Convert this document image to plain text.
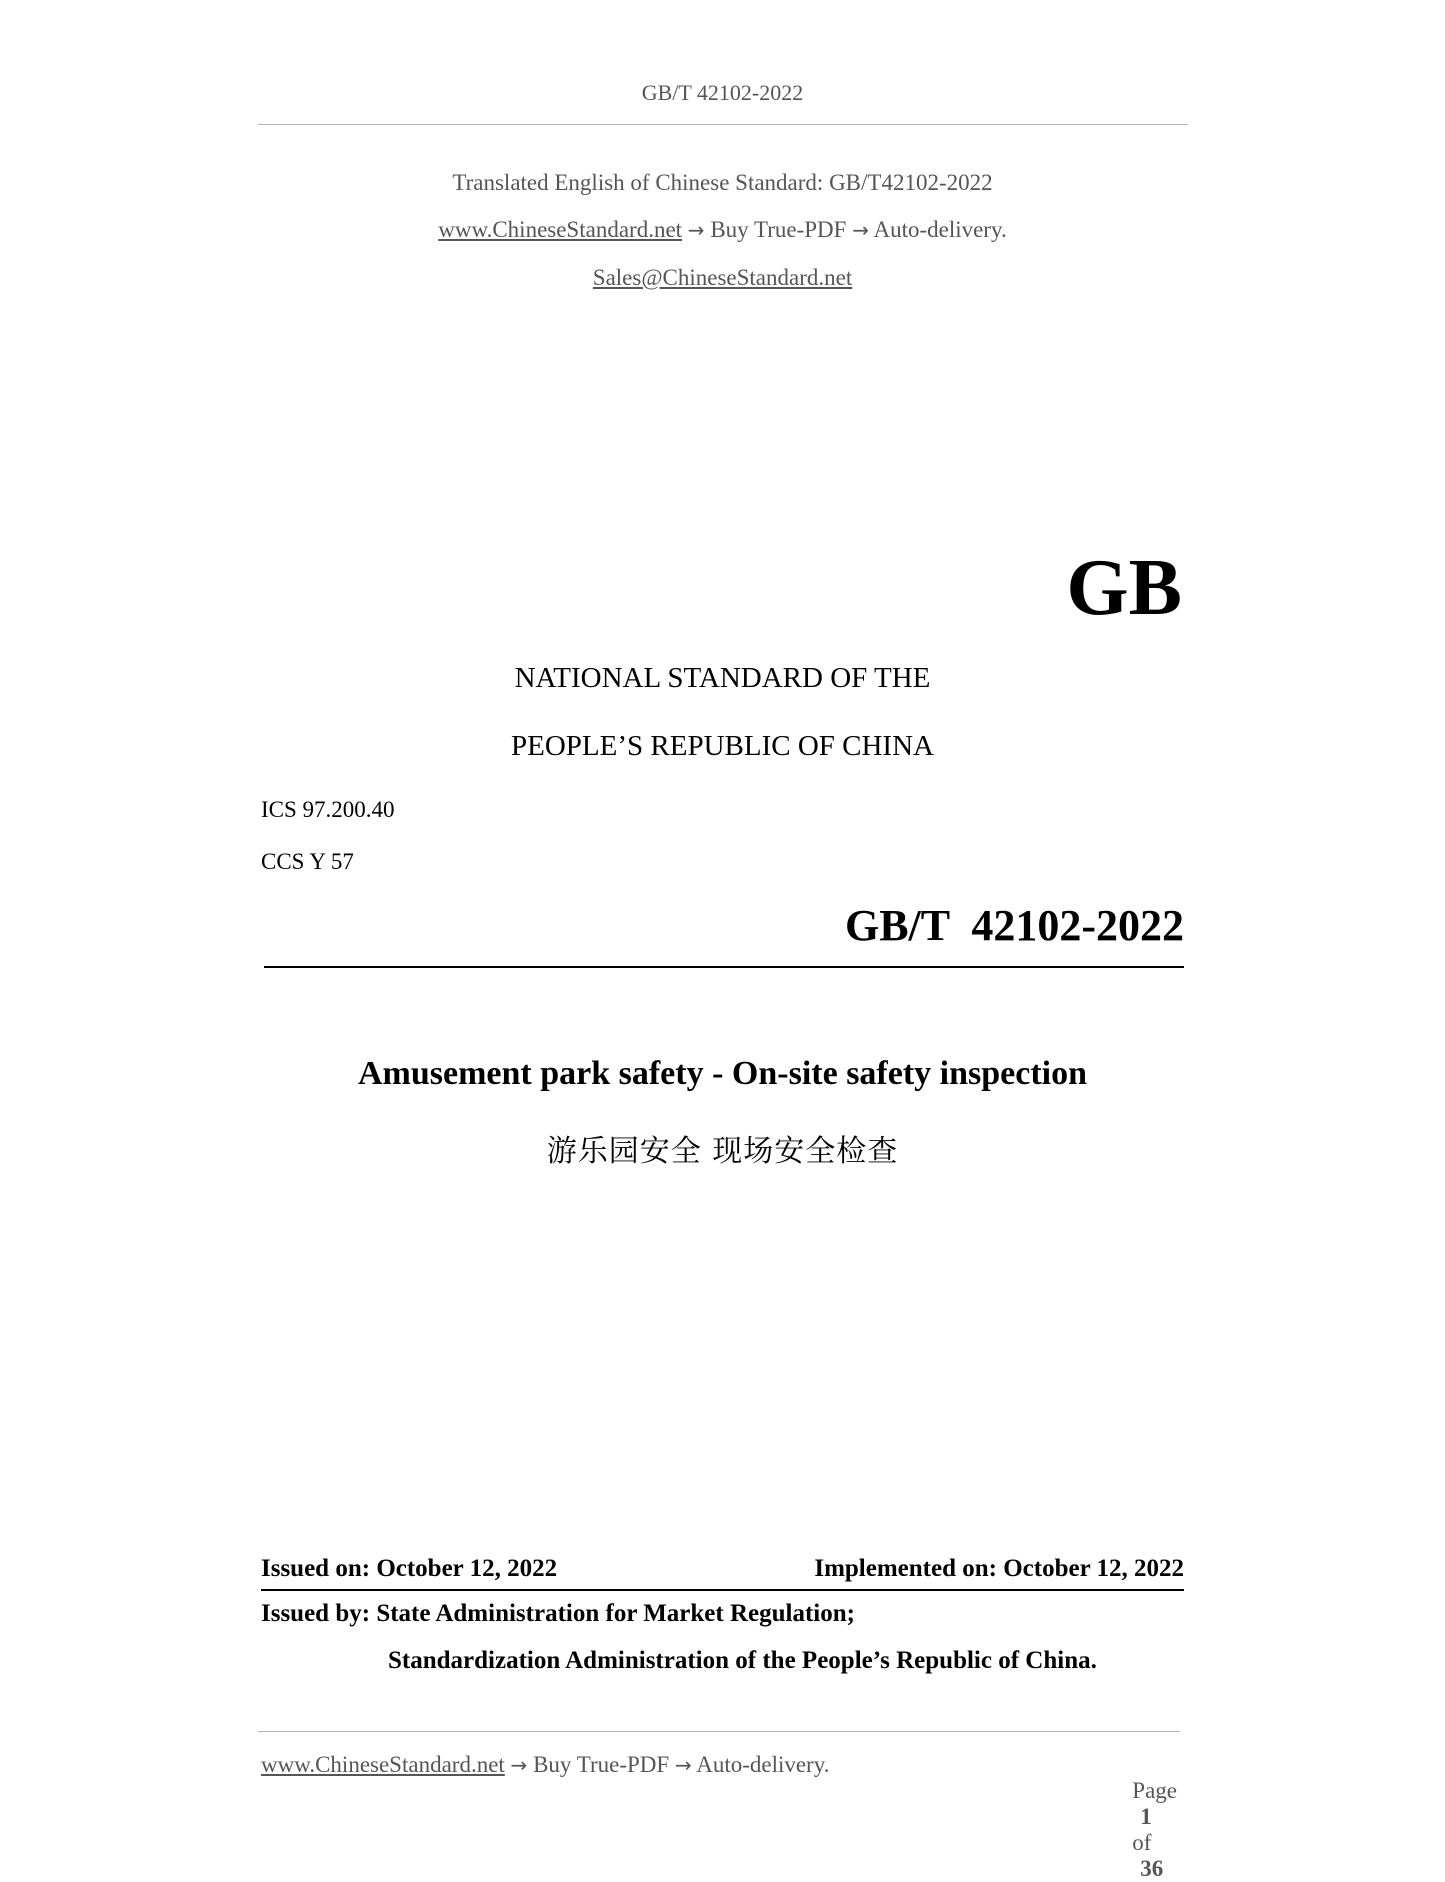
GB/T 42102-2022
Translated English of Chinese Standard: GB/T42102-2022
www.ChineseStandard.net → Buy True-PDF → Auto-delivery.
Sales@ChineseStandard.net
GB
NATIONAL STANDARD OF THE
PEOPLE’S REPUBLIC OF CHINA
ICS 97.200.40
CCS Y 57
GB/T  42102-2022
Amusement park safety - On-site safety inspection
游乐园安全 现场安全检查
Issued on: October 12, 2022	Implemented on: October 12, 2022
Issued by: State Administration for Market Regulation;
Standardization Administration of the People’s Republic of China.
www.ChineseStandard.net → Buy True-PDF → Auto-delivery.

Page
1
of
36
